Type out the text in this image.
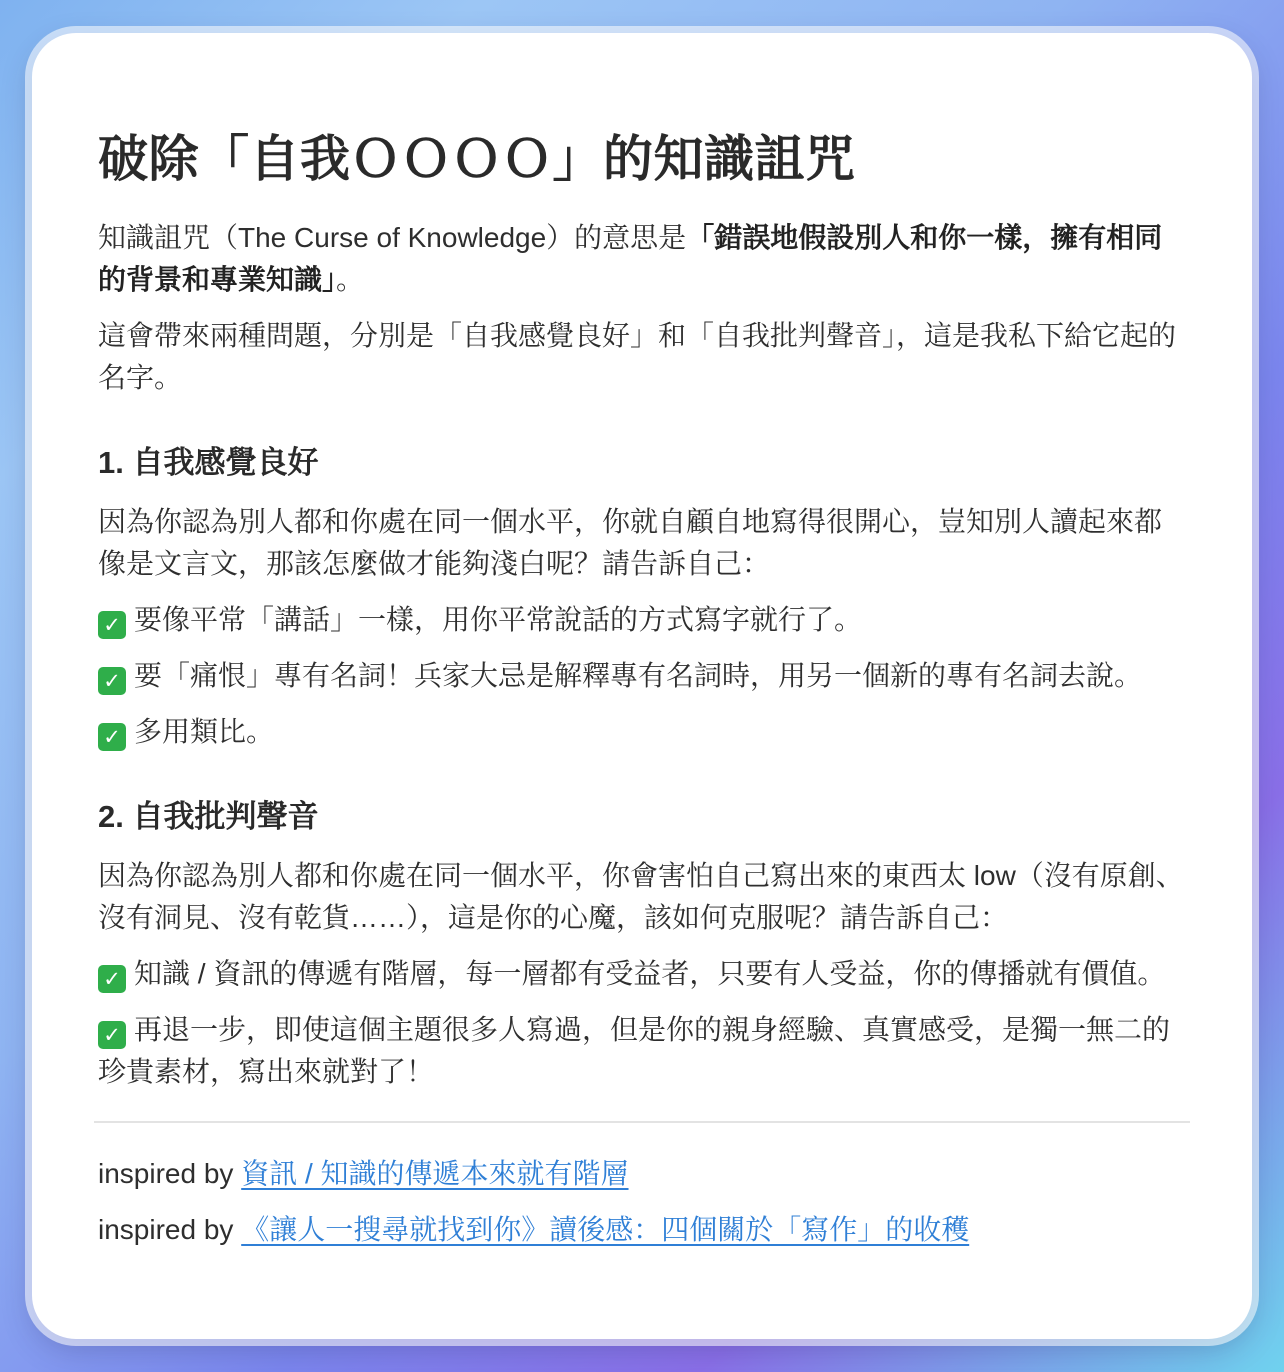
破除「自我ＯＯＯＯ」的知識詛咒

知識詛咒（The Curse of Knowledge）的意思是「錯誤地假設別人和你一樣，擁有相同的背景和專業知識」。

這會帶來兩種問題，分別是「自我感覺良好」和「自我批判聲音」，這是我私下給它起的名字。

1. 自我感覺良好

因為你認為別人都和你處在同一個水平，你就自顧自地寫得很開心，豈知別人讀起來都像是文言文，那該怎麼做才能夠淺白呢？請告訴自己：

✓ 要像平常「講話」一樣，用你平常說話的方式寫字就行了。
✓ 要「痛恨」專有名詞！兵家大忌是解釋專有名詞時，用另一個新的專有名詞去說。
✓ 多用類比。
2. 自我批判聲音

因為你認為別人都和你處在同一個水平，你會害怕自己寫出來的東西太 low（沒有原創、沒有洞見、沒有乾貨……），這是你的心魔，該如何克服呢？請告訴自己：

✓ 知識 / 資訊的傳遞有階層，每一層都有受益者，只要有人受益，你的傳播就有價值。
✓ 再退一步，即使這個主題很多人寫過，但是你的親身經驗、真實感受，是獨一無二的珍貴素材，寫出來就對了！
inspired by 資訊 / 知識的傳遞本來就有階層
inspired by 《讓人一搜尋就找到你》讀後感：四個關於「寫作」的收穫
